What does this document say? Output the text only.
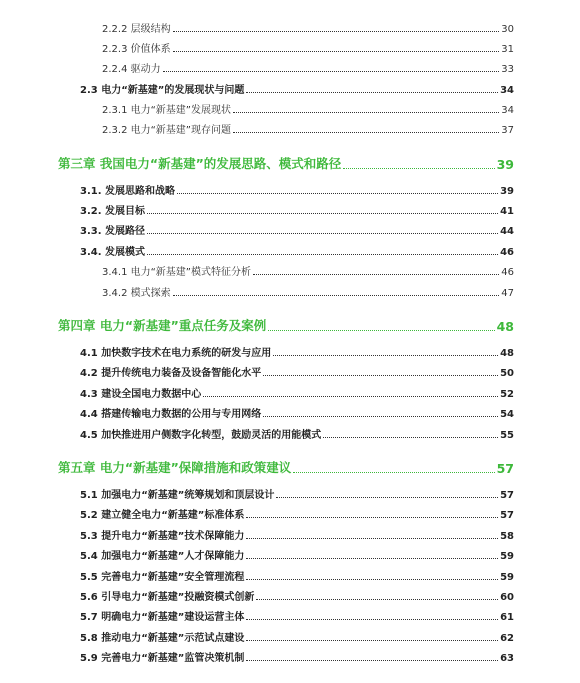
2.2.2 层级结构	30
2.2.3 价值体系	31
2.2.4 驱动力	33
2.3 电力“新基建”的发展现状与问题	34
2.3.1 电力“新基建”发展现状	34
2.3.2 电力“新基建”现存问题	37
第三章 我国电力“新基建”的发展思路、模式和路径	39
3.1. 发展思路和战略	39
3.2. 发展目标	41
3.3. 发展路径	44
3.4. 发展模式	46
3.4.1 电力“新基建”模式特征分析	46
3.4.2 模式探索	47
第四章 电力“新基建”重点任务及案例	48
4.1 加快数字技术在电力系统的研发与应用	48
4.2 提升传统电力装备及设备智能化水平	50
4.3 建设全国电力数据中心	52
4.4 搭建传输电力数据的公用与专用网络	54
4.5 加快推进用户侧数字化转型，鼓励灵活的用能模式	55
第五章 电力“新基建”保障措施和政策建议	57
5.1 加强电力“新基建”统筹规划和顶层设计	57
5.2 建立健全电力“新基建”标准体系	57
5.3 提升电力“新基建”技术保障能力	58
5.4 加强电力“新基建”人才保障能力	59
5.5 完善电力“新基建”安全管理流程	59
5.6 引导电力“新基建”投融资模式创新	60
5.7 明确电力“新基建”建设运营主体	61
5.8 推动电力“新基建”示范试点建设	62
5.9 完善电力“新基建”监管决策机制	63
